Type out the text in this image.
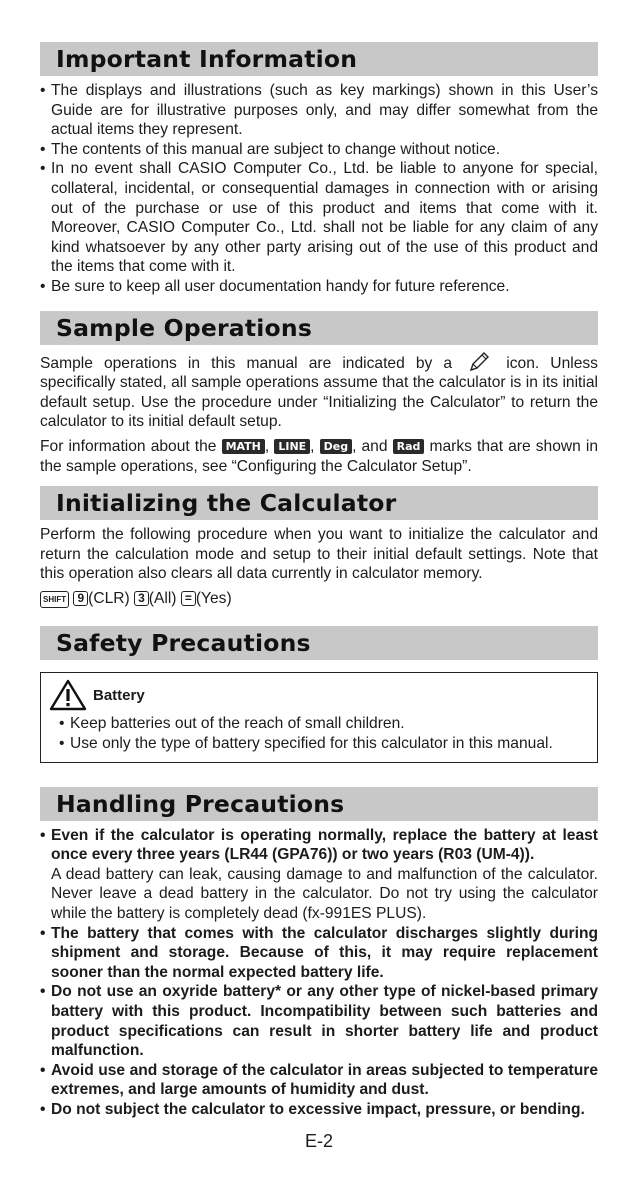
Important Information
• The displays and illustrations (such as key markings) shown in this User’s Guide are for illustrative purposes only, and may differ somewhat from the actual items they represent.
• The contents of this manual are subject to change without notice.
• In no event shall CASIO Computer Co., Ltd. be liable to anyone for special, collateral, incidental, or consequential damages in connection with or arising out of the purchase or use of this product and items that come with it. Moreover, CASIO Computer Co., Ltd. shall not be liable for any claim of any kind whatsoever by any other party arising out of the use of this product and the items that come with it.
• Be sure to keep all user documentation handy for future reference.
Sample Operations

Sample operations in this manual are indicated by a	icon. Unless specifically stated, all sample operations assume that the calculator is in its initial default setup. Use the procedure under “Initializing the Calculator” to return the calculator to its initial default setup.

For information about the MATH , LINE , Deg , and Rad marks that are shown in the sample operations, see “Configuring the Calculator Setup”.

Initializing the Calculator

Perform the following procedure when you want to initialize the calculator and return the calculation mode and setup to their initial default settings. Note that this operation also clears all data currently in calculator memory.

SHIFT 9 (CLR) 3 (All) = (Yes)

Safety Precautions
Battery
• Keep batteries out of the reach of small children.
• Use only the type of battery specified for this calculator in this manual.
Handling Precautions
• Even if the calculator is operating normally, replace the battery at least once every three years (LR44 (GPA76)) or two years (R03 (UM-4)).
A dead battery can leak, causing damage to and malfunction of the calculator. Never leave a dead battery in the calculator. Do not try using the calculator while the battery is completely dead (fx-991ES PLUS).
• The battery that comes with the calculator discharges slightly during shipment and storage. Because of this, it may require replacement sooner than the normal expected battery life.
• Do not use an oxyride battery* or any other type of nickel-based primary battery with this product. Incompatibility between such batteries and product specifications can result in shorter battery life and product malfunction.
• Avoid use and storage of the calculator in areas subjected to temperature extremes, and large amounts of humidity and dust.
• Do not subject the calculator to excessive impact, pressure, or bending.
E-2
